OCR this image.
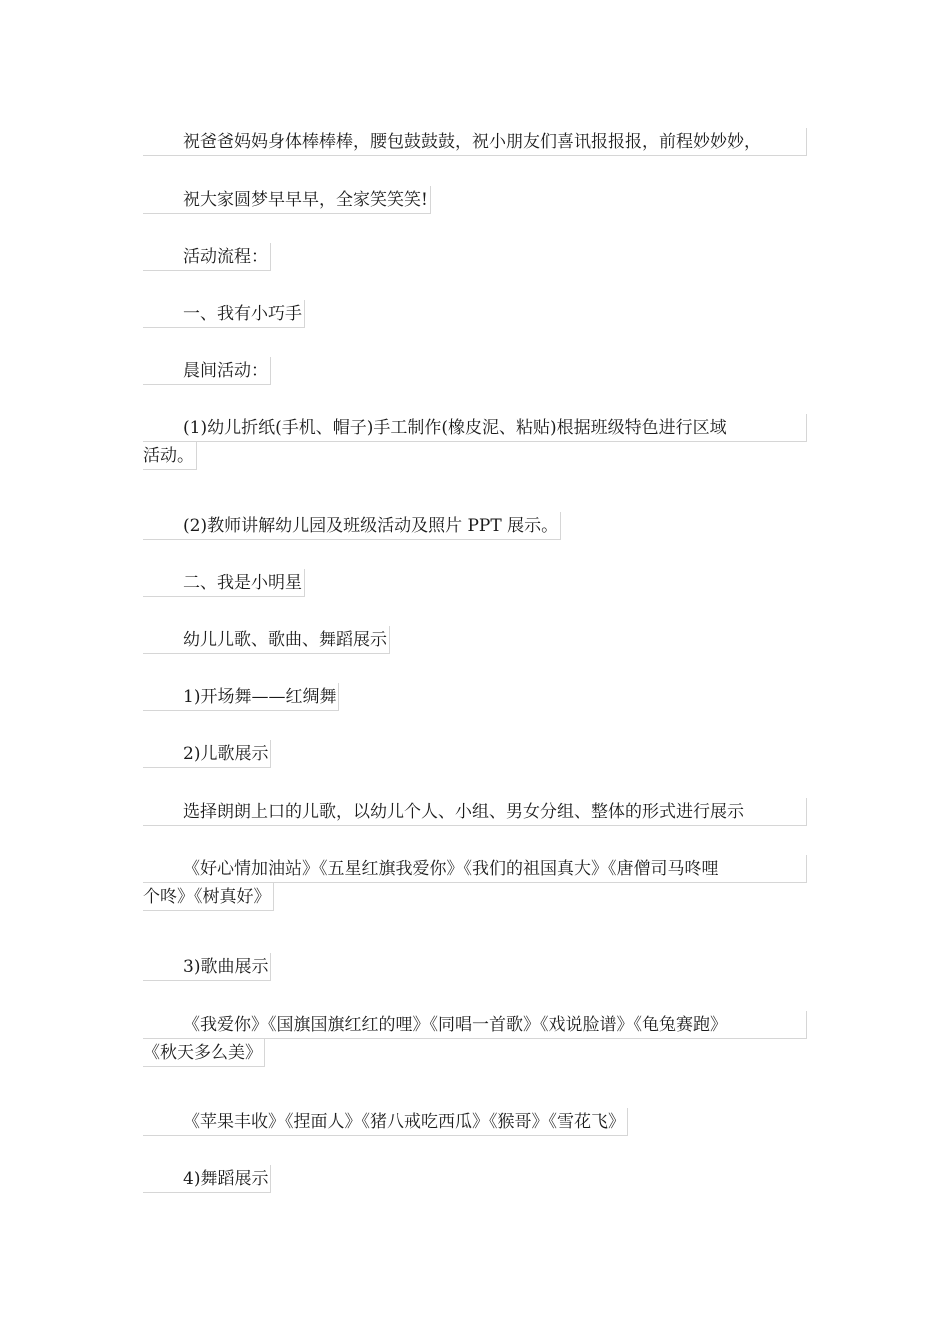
祝爸爸妈妈身体棒棒棒，腰包鼓鼓鼓，祝小朋友们喜讯报报报，前程妙妙妙，
祝大家圆梦早早早，全家笑笑笑!
活动流程：
一、我有小巧手
晨间活动：
(1)幼儿折纸(手机、帽子)手工制作(橡皮泥、粘贴)根据班级特色进行区域
活动。
(2)教师讲解幼儿园及班级活动及照片 PPT 展示。
二、我是小明星
幼儿儿歌、歌曲、舞蹈展示
1)开场舞——红绸舞
2)儿歌展示
选择朗朗上口的儿歌，以幼儿个人、小组、男女分组、整体的形式进行展示
《好心情加油站》《五星红旗我爱你》《我们的祖国真大》《唐僧司马咚哩
个咚》《树真好》
3)歌曲展示
《我爱你》《国旗国旗红红的哩》《同唱一首歌》《戏说脸谱》《龟兔赛跑》
《秋天多么美》
《苹果丰收》《捏面人》《猪八戒吃西瓜》《猴哥》《雪花飞》
4)舞蹈展示
